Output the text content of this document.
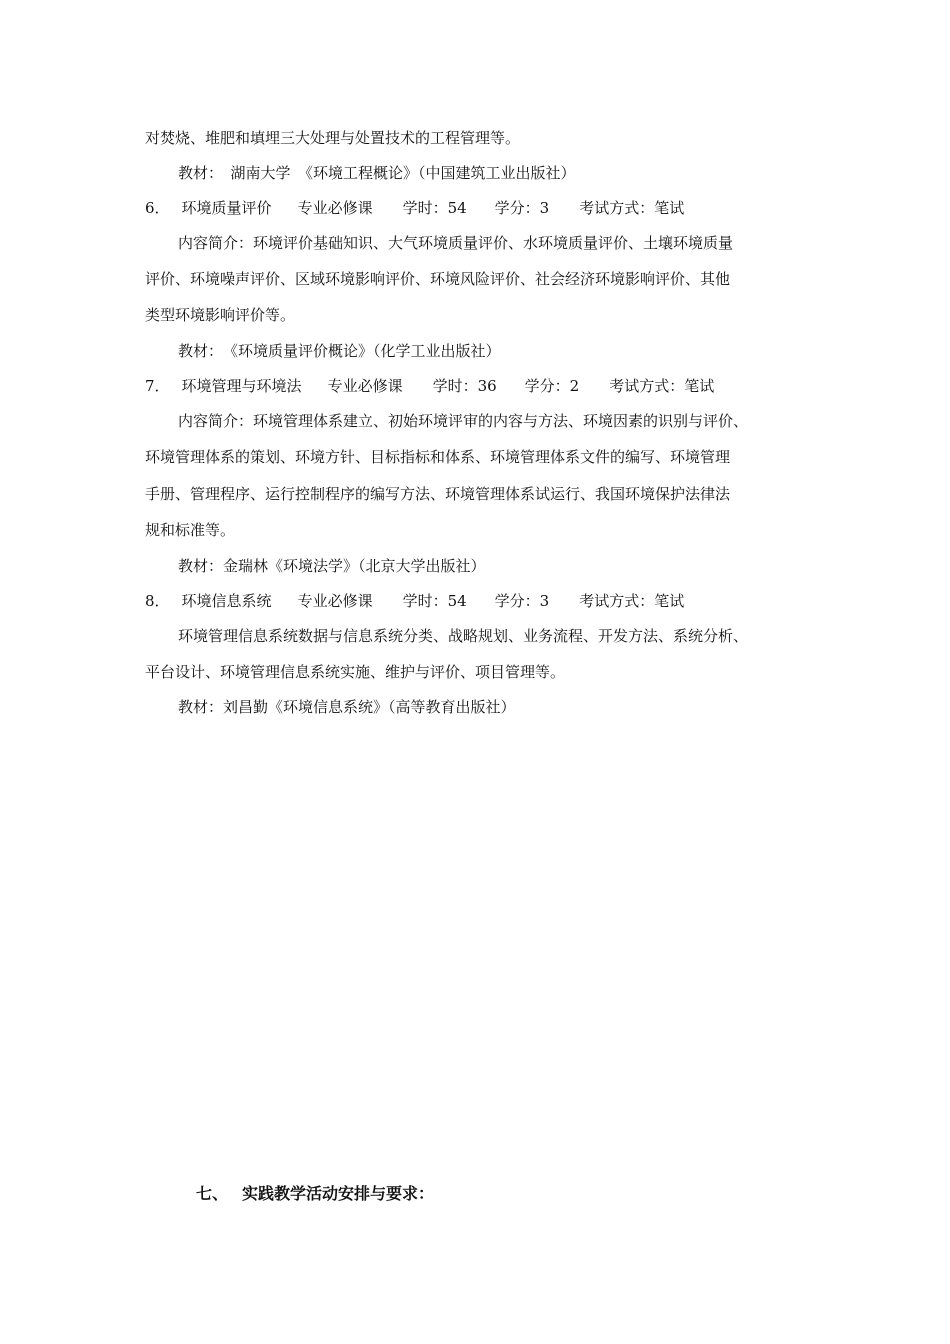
对焚烧、堆肥和填埋三大处理与处置技术的工程管理等。
教材：　湖南大学　《环境工程概论》（中国建筑工业出版社）
6． 环境质量评价 专业必修课 学时：54 学分：3 考试方式：笔试
内容简介：环境评价基础知识、大气环境质量评价、水环境质量评价、土壤环境质量
评价、环境噪声评价、区域环境影响评价、环境风险评价、社会经济环境影响评价、其他
类型环境影响评价等。
教材：　《环境质量评价概论》（化学工业出版社）
7． 环境管理与环境法 专业必修课 学时：36 学分：2 考试方式：笔试
内容简介：环境管理体系建立、初始环境评审的内容与方法、环境因素的识别与评价、
环境管理体系的策划、环境方针、目标指标和体系、环境管理体系文件的编写、环境管理
手册、管理程序、运行控制程序的编写方法、环境管理体系试运行、我国环境保护法律法
规和标准等。
教材：金瑞林《环境法学》（北京大学出版社）
8． 环境信息系统 专业必修课 学时：54 学分：3 考试方式：笔试
环境管理信息系统数据与信息系统分类、战略规划、业务流程、开发方法、系统分析、
平台设计、环境管理信息系统实施、维护与评价、项目管理等。
教材：刘昌勤《环境信息系统》（高等教育出版社）
七、 实践教学活动安排与要求：
